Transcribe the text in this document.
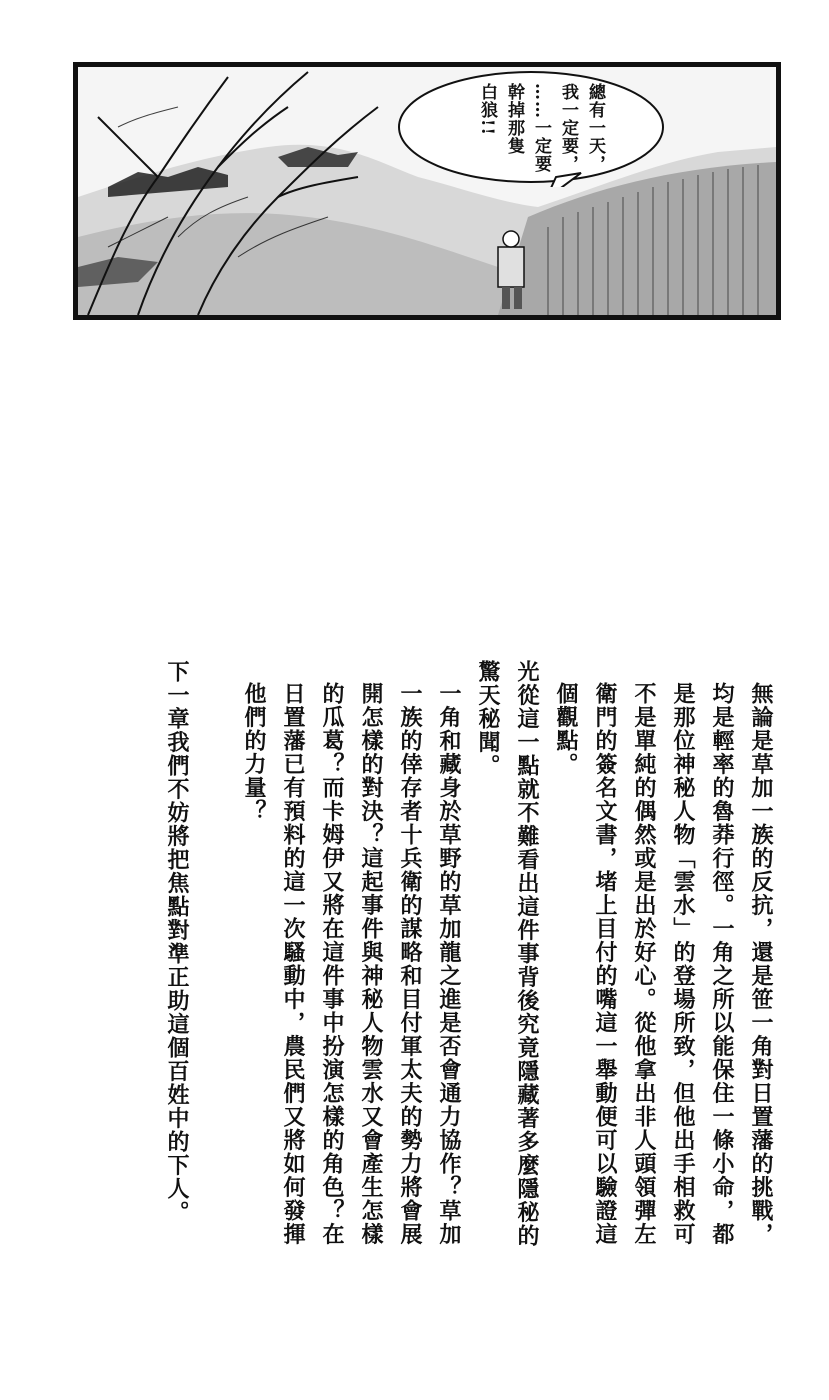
總有一天，
我一定要，
……一定要
幹掉那隻
白狼!!

無論是草加一族的反抗，還是笹一角對日置藩的挑戰，均是輕率的魯莽行徑。一角之所以能保住一條小命，都是那位神秘人物「雲水」的登場所致，但他出手相救可不是單純的偶然或是出於好心。從他拿出非人頭領彈左衛門的簽名文書，堵上目付的嘴這一舉動便可以驗證這個觀點。

光從這一點就不難看出這件事背後究竟隱藏著多麼隱秘的驚天秘聞。

一角和藏身於草野的草加龍之進是否會通力協作？草加一族的倖存者十兵衛的謀略和目付軍太夫的勢力將會展開怎樣的對決？這起事件與神秘人物雲水又會產生怎樣的瓜葛？而卡姆伊又將在這件事中扮演怎樣的角色？在日置藩已有預料的這一次騷動中，農民們又將如何發揮他們的力量？

下一章我們不妨將把焦點對準正助這個百姓中的下人。
